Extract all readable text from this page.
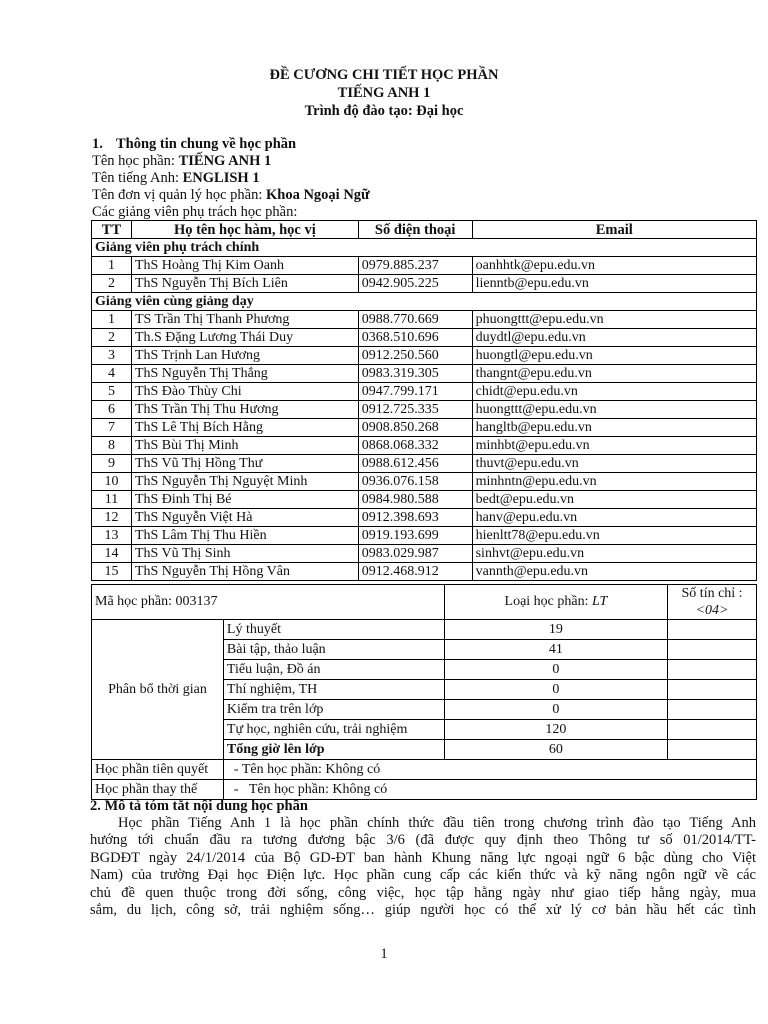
ĐỀ CƯƠNG CHI TIẾT HỌC PHẦN
TIẾNG ANH 1
Trình độ đào tạo: Đại học
1. Thông tin chung về học phần
Tên học phần: TIẾNG ANH 1
Tên tiếng Anh: ENGLISH 1
Tên đơn vị quản lý học phần: Khoa Ngoại Ngữ
Các giảng viên phụ trách học phần:
TT	Họ tên học hàm, học vị	Số điện thoại	Email
Giảng viên phụ trách chính			
1	ThS Hoàng Thị Kim Oanh	0979.885.237	oanhhtk@epu.edu.vn
2	ThS Nguyễn Thị Bích Liên	0942.905.225	lienntb@epu.edu.vn
Giảng viên cùng giảng dạy			
1	TS Trần Thị Thanh Phương	0988.770.669	phuongttt@epu.edu.vn
2	Th.S Đặng Lương Thái Duy	0368.510.696	duydtl@epu.edu.vn
3	ThS Trịnh Lan Hương	0912.250.560	huongtl@epu.edu.vn
4	ThS Nguyễn Thị Thắng	0983.319.305	thangnt@epu.edu.vn
5	ThS Đào Thùy Chi	0947.799.171	chidt@epu.edu.vn
6	ThS Trần Thị Thu Hương	0912.725.335	huongttt@epu.edu.vn
7	ThS Lê Thị Bích Hằng	0908.850.268	hangltb@epu.edu.vn
8	ThS Bùi Thị Minh	0868.068.332	minhbt@epu.edu.vn
9	ThS Vũ Thị Hồng Thư	0988.612.456	thuvt@epu.edu.vn
10	ThS Nguyễn Thị Nguyệt Minh	0936.076.158	minhntn@epu.edu.vn
11	ThS Đinh Thị Bé	0984.980.588	bedt@epu.edu.vn
12	ThS Nguyễn Việt Hà	0912.398.693	hanv@epu.edu.vn
13	ThS Lâm Thị Thu Hiền	0919.193.699	hienltt78@epu.edu.vn
14	ThS Vũ Thị Sinh	0983.029.987	sinhvt@epu.edu.vn
15	ThS Nguyễn Thị Hồng Vân	0912.468.912	vannth@epu.edu.vn
Mã học phần: 003137		Loại học phần: LT	Số tín chỉ :
<04>
Phân bổ thời gian	Lý thuyết	19	
	Bài tập, thảo luận	41	
	Tiểu luận, Đồ án	0	
	Thí nghiệm, TH	0	
	Kiểm tra trên lớp	0	
	Tự học, nghiên cứu, trải nghiệm	120	
	Tổng giờ lên lớp	60	
Học phần tiên quyết	- Tên học phần: Không có		
Học phần thay thế	-   Tên học phần: Không có		
2. Mô tả tóm tắt nội dung học phần
Học phần Tiếng Anh 1 là học phần chính thức đầu tiên trong chương trình đào tạo Tiếng Anh
hướng tới chuẩn đầu ra tương đương bậc 3/6 (đã được quy định theo Thông tư số 01/2014/TT-
BGDĐT ngày 24/1/2014 của Bộ GD-ĐT ban hành Khung năng lực ngoại ngữ 6 bậc dùng cho Việt
Nam) của trường Đại học Điện lực. Học phần cung cấp các kiến thức và kỹ năng ngôn ngữ về các
chủ đề quen thuộc trong đời sống, công việc, học tập hằng ngày như giao tiếp hằng ngày, mua
sắm, du lịch, công sở, trải nghiệm sống… giúp người học có thể xử lý cơ bản hầu hết các tình
1
